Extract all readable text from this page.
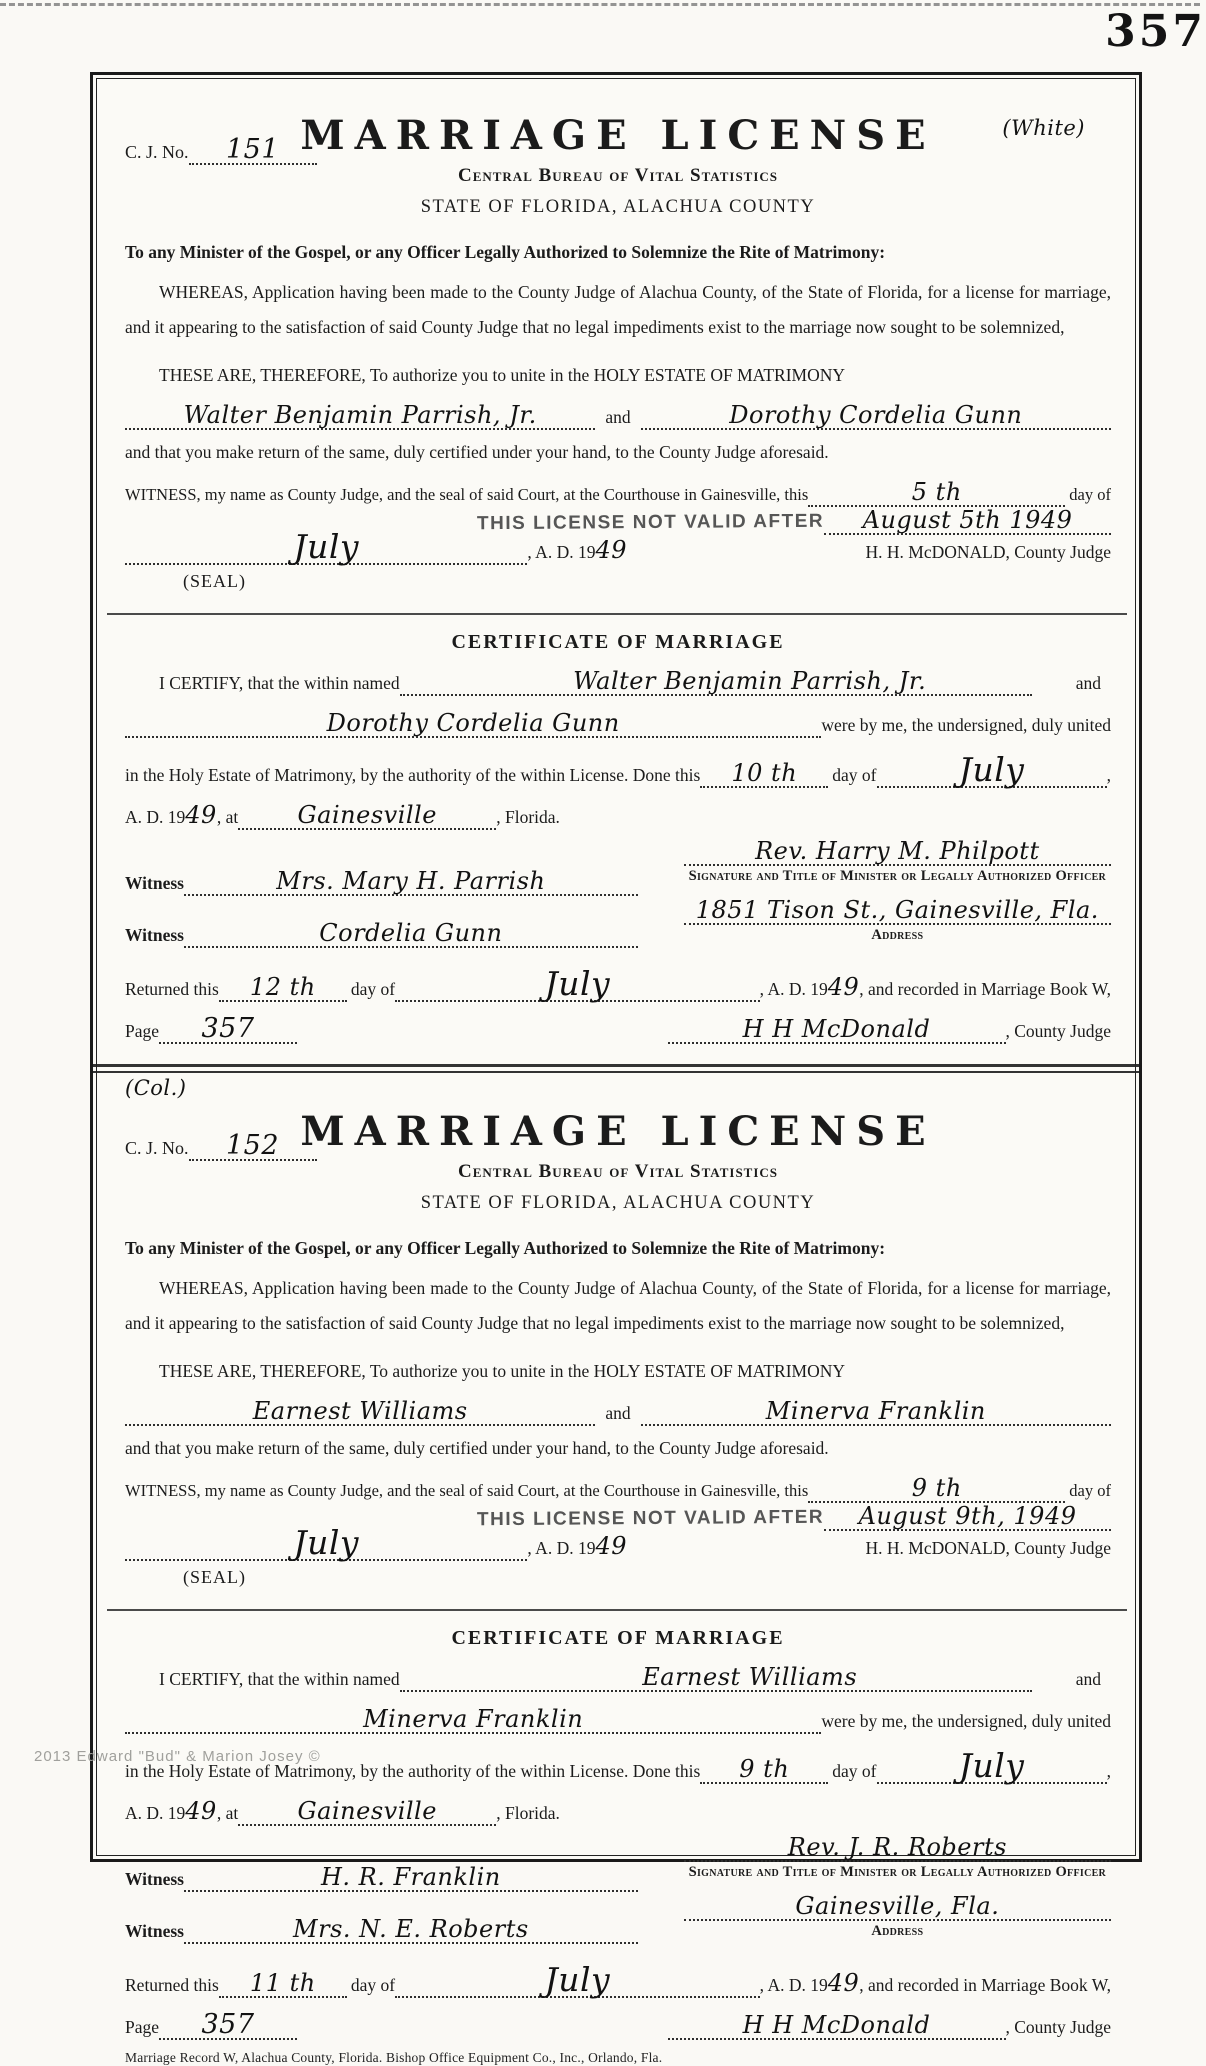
357
(White)
C. J. No.	151 MARRIAGE LICENSE
Central Bureau of Vital Statistics
STATE OF FLORIDA, ALACHUA COUNTY
To any Minister of the Gospel, or any Officer Legally Authorized to Solemnize the Rite of Matrimony:
WHEREAS, Application having been made to the County Judge of Alachua County, of the State of Florida, for a license for marriage, and it appearing to the satisfaction of said County Judge that no legal impediments exist to the marriage now sought to be solemnized,
THESE ARE, THEREFORE, To authorize you to unite in the HOLY ESTATE OF MATRIMONY
Walter Benjamin Parrish, Jr.	and	Dorothy Cordelia Gunn
and that you make return of the same, duly certified under your hand, to the County Judge aforesaid.
WITNESS, my name as County Judge, and the seal of said Court, at the Courthouse in Gainesville, this	5 th	day of
THIS LICENSE NOT VALID AFTER	August 5th 1949
July	, A. D. 19 49	H. H. McDONALD, County Judge
(SEAL)
CERTIFICATE OF MARRIAGE
I CERTIFY, that the within named	Walter Benjamin Parrish, Jr.	and
Dorothy Cordelia Gunn	were by me, the undersigned, duly united
in the Holy Estate of Matrimony, by the authority of the within License. Done this	10 th	day of	July	,
A. D. 19 49 , at	Gainesville	, Florida.
Witness	Mrs. Mary H. Parrish
Witness	Cordelia Gunn
Rev. Harry M. Philpott
Signature and Title of Minister or Legally Authorized Officer
1851 Tison St., Gainesville, Fla.
Address
Returned this	12 th	day of	July	, A. D. 19 49 , and recorded in Marriage Book W,
Page	357	H H McDonald	, County Judge
(Col.)
C. J. No.	152 MARRIAGE LICENSE
Central Bureau of Vital Statistics
STATE OF FLORIDA, ALACHUA COUNTY
To any Minister of the Gospel, or any Officer Legally Authorized to Solemnize the Rite of Matrimony:
WHEREAS, Application having been made to the County Judge of Alachua County, of the State of Florida, for a license for marriage, and it appearing to the satisfaction of said County Judge that no legal impediments exist to the marriage now sought to be solemnized,
THESE ARE, THEREFORE, To authorize you to unite in the HOLY ESTATE OF MATRIMONY
Earnest Williams	and	Minerva Franklin
and that you make return of the same, duly certified under your hand, to the County Judge aforesaid.
WITNESS, my name as County Judge, and the seal of said Court, at the Courthouse in Gainesville, this	9 th	day of
THIS LICENSE NOT VALID AFTER	August 9th, 1949
July	, A. D. 19 49	H. H. McDONALD, County Judge
(SEAL)
CERTIFICATE OF MARRIAGE
I CERTIFY, that the within named	Earnest Williams	and
Minerva Franklin	were by me, the undersigned, duly united
in the Holy Estate of Matrimony, by the authority of the within License. Done this	9 th	day of	July	,
A. D. 19 49 , at	Gainesville	, Florida.
Witness	H. R. Franklin
Witness	Mrs. N. E. Roberts
Rev. J. R. Roberts
Signature and Title of Minister or Legally Authorized Officer
Gainesville, Fla.
Address
Returned this	11 th	day of	July	, A. D. 19 49 , and recorded in Marriage Book W,
Page	357	H H McDonald	, County Judge
Marriage Record W, Alachua County, Florida. Bishop Office Equipment Co., Inc., Orlando, Fla.
2013 Edward "Bud" & Marion Josey ©
